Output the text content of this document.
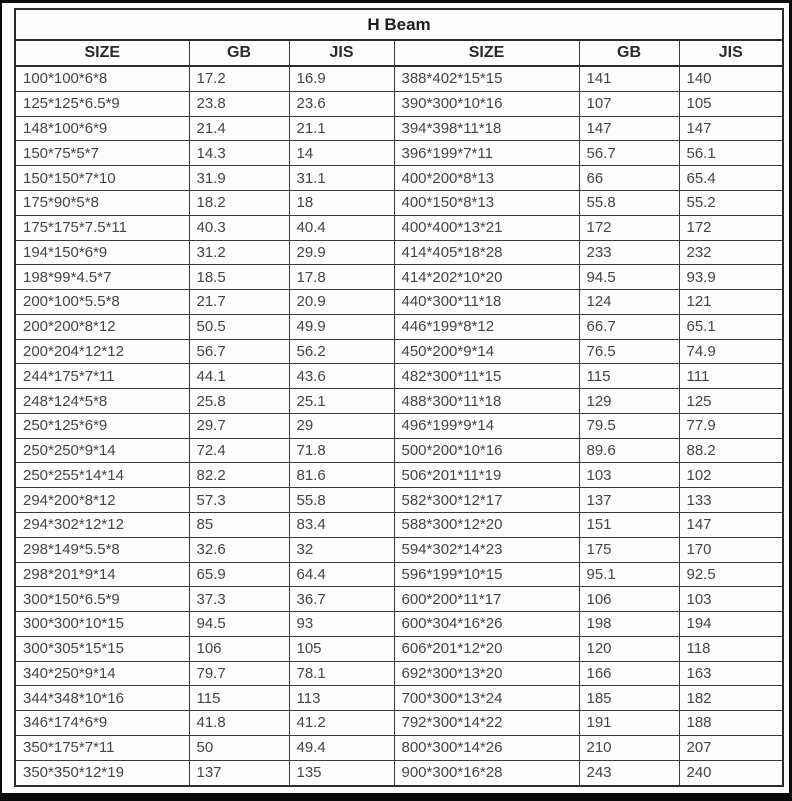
H Beam					
SIZE	GB	JIS	SIZE	GB	JIS
100*100*6*8	17.2	16.9	388*402*15*15	141	140
125*125*6.5*9	23.8	23.6	390*300*10*16	107	105
148*100*6*9	21.4	21.1	394*398*11*18	147	147
150*75*5*7	14.3	14	396*199*7*11	56.7	56.1
150*150*7*10	31.9	31.1	400*200*8*13	66	65.4
175*90*5*8	18.2	18	400*150*8*13	55.8	55.2
175*175*7.5*11	40.3	40.4	400*400*13*21	172	172
194*150*6*9	31.2	29.9	414*405*18*28	233	232
198*99*4.5*7	18.5	17.8	414*202*10*20	94.5	93.9
200*100*5.5*8	21.7	20.9	440*300*11*18	124	121
200*200*8*12	50.5	49.9	446*199*8*12	66.7	65.1
200*204*12*12	56.7	56.2	450*200*9*14	76.5	74.9
244*175*7*11	44.1	43.6	482*300*11*15	115	111
248*124*5*8	25.8	25.1	488*300*11*18	129	125
250*125*6*9	29.7	29	496*199*9*14	79.5	77.9
250*250*9*14	72.4	71.8	500*200*10*16	89.6	88.2
250*255*14*14	82.2	81.6	506*201*11*19	103	102
294*200*8*12	57.3	55.8	582*300*12*17	137	133
294*302*12*12	85	83.4	588*300*12*20	151	147
298*149*5.5*8	32.6	32	594*302*14*23	175	170
298*201*9*14	65.9	64.4	596*199*10*15	95.1	92.5
300*150*6.5*9	37.3	36.7	600*200*11*17	106	103
300*300*10*15	94.5	93	600*304*16*26	198	194
300*305*15*15	106	105	606*201*12*20	120	118
340*250*9*14	79.7	78.1	692*300*13*20	166	163
344*348*10*16	115	113	700*300*13*24	185	182
346*174*6*9	41.8	41.2	792*300*14*22	191	188
350*175*7*11	50	49.4	800*300*14*26	210	207
350*350*12*19	137	135	900*300*16*28	243	240
